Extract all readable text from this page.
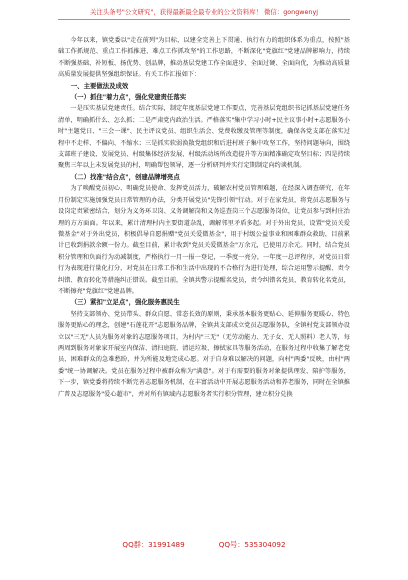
关注头条号"公文研究"，获得最新最全最专业的公文资料库！ 微信：gongwenyj

今年以来，镇党委以"走在前列"为目标，以建全完善上下贯通、执行有力的组织体系为重点，按照"基础工作抓规范、重点工作抓推进、难点工作抓攻坚"的工作思路，不断深化"党旗红"党建品牌影响力，持续不断强基础、补短板、扬优势、创品牌，推动基层党建工作全面进步、全面过硬、全面向优，为推动高质量高质量发展提供坚强组织保证。有关工作汇报如下：

一、主要做法及成效
（一）抓住"着力点"，强化党建责任落实

一是压实基层党建责任。结合实际，制定年度基层党建工作要点，完善基层党组织书记抓基层党建任务清单，明确抓什么、怎么抓；二是严肃党内政治生活。严格落实"集中学习小时+民主议事小时+志愿服务小时"主题党日、"三会一课"、民主评议党员、组织生活会、党费收缴及管理等制度，确保各党支部在落实过程中不走样、不偏向、不缩水；三是抓实软弱涣散党组织和后进村班子集中攻坚工作，坚持问题导向，围绕支部班子建设、发展党员、村级集体经济发展、村级活动场所改造提升等方面精准确定攻坚目标；四是持续聚焦三年以上未发展党员的村，明确帮包领导，逐一分析研判并实行定期制定向约谈机制。

（二）找准"结合点"，创建品牌增亮点

为了唤醒党员初心、明确党员使命、发挥党员活力，破解农村党员管理难题，在经深入调查研究，在年月份制定实施加强党员日常管理的办法，分类开展党员"先锋引领"行动。对于在家党员，将党员志愿服务与设岗定责紧密结合，划分为义务环卫岗、义务调解岗和义务巡查岗三个志愿服务岗位，让党员参与到村庄治理的方方面面。年以来，累计清理村内主要街道杂乱，调解邻里矛盾多起。对于外出党员，设置"党员关爱微基金"对于外出党员，积极倡导自愿捐赠"党员关爱微基金"，用于村级公益事业和困难群众救助，目前累计已收到捐款余额一份力。截至目前，累计收到"党员关爱微基金"万余元，已使用万余元。同时，结合党员积分管理和负面行为动减制度，严格执行一月一报一登记，一季度一亮分，一年度一总评程序，对党员日常行为表现进行量化打分，对党员在日常工作和生活中出现的不合格行为进行处理，综合运用警示提醒、责令纠错、教育转化等措施纠正错误。截至目前，全镇共警示提醒名党员，责令纠错名党员，教育转化名党员，不断擦亮"党旗红"党建品牌。

（三）紧扣"立足点"，强化服务惠民生

坚持支部领办、党员带头、群众自愿、常态长效的原则，秉承基本服务更贴心、延伸服务更暖心、特色服务更贴心的理念，创建"石莲花开"志愿服务品牌，全镇共支部成立党员志愿服务队，全镇村党支部领办设立以"三无"人员为服务对象的志愿服务项目，为村内"三无"（无劳动能力、无子女、无人照料）老人等，每两周到服务对象家开展室内保洁、清扫庭院、清运垃圾、擦拭家具等服务活动，在服务过程中收集了解老党员、困难群众的急难愁盼，并为所能及地完成心愿。对于自身难以解决的问题，向村"两委"反映，由村"两委"统一协调解决。党员在服务过程中被群众称为"满意"。对于有需要的服务对象提供理发、陪护等服务，下一步，镇党委将持续不断完善志愿服务机制，在丰富活动中开展志愿服务活动和养老服务，同时在全镇推广普及志愿服务"爱心超市"，并对所有镇域内志愿服务者实行积分管理，建立积分兑换

QQ群：31991489	QQ号：535304092
